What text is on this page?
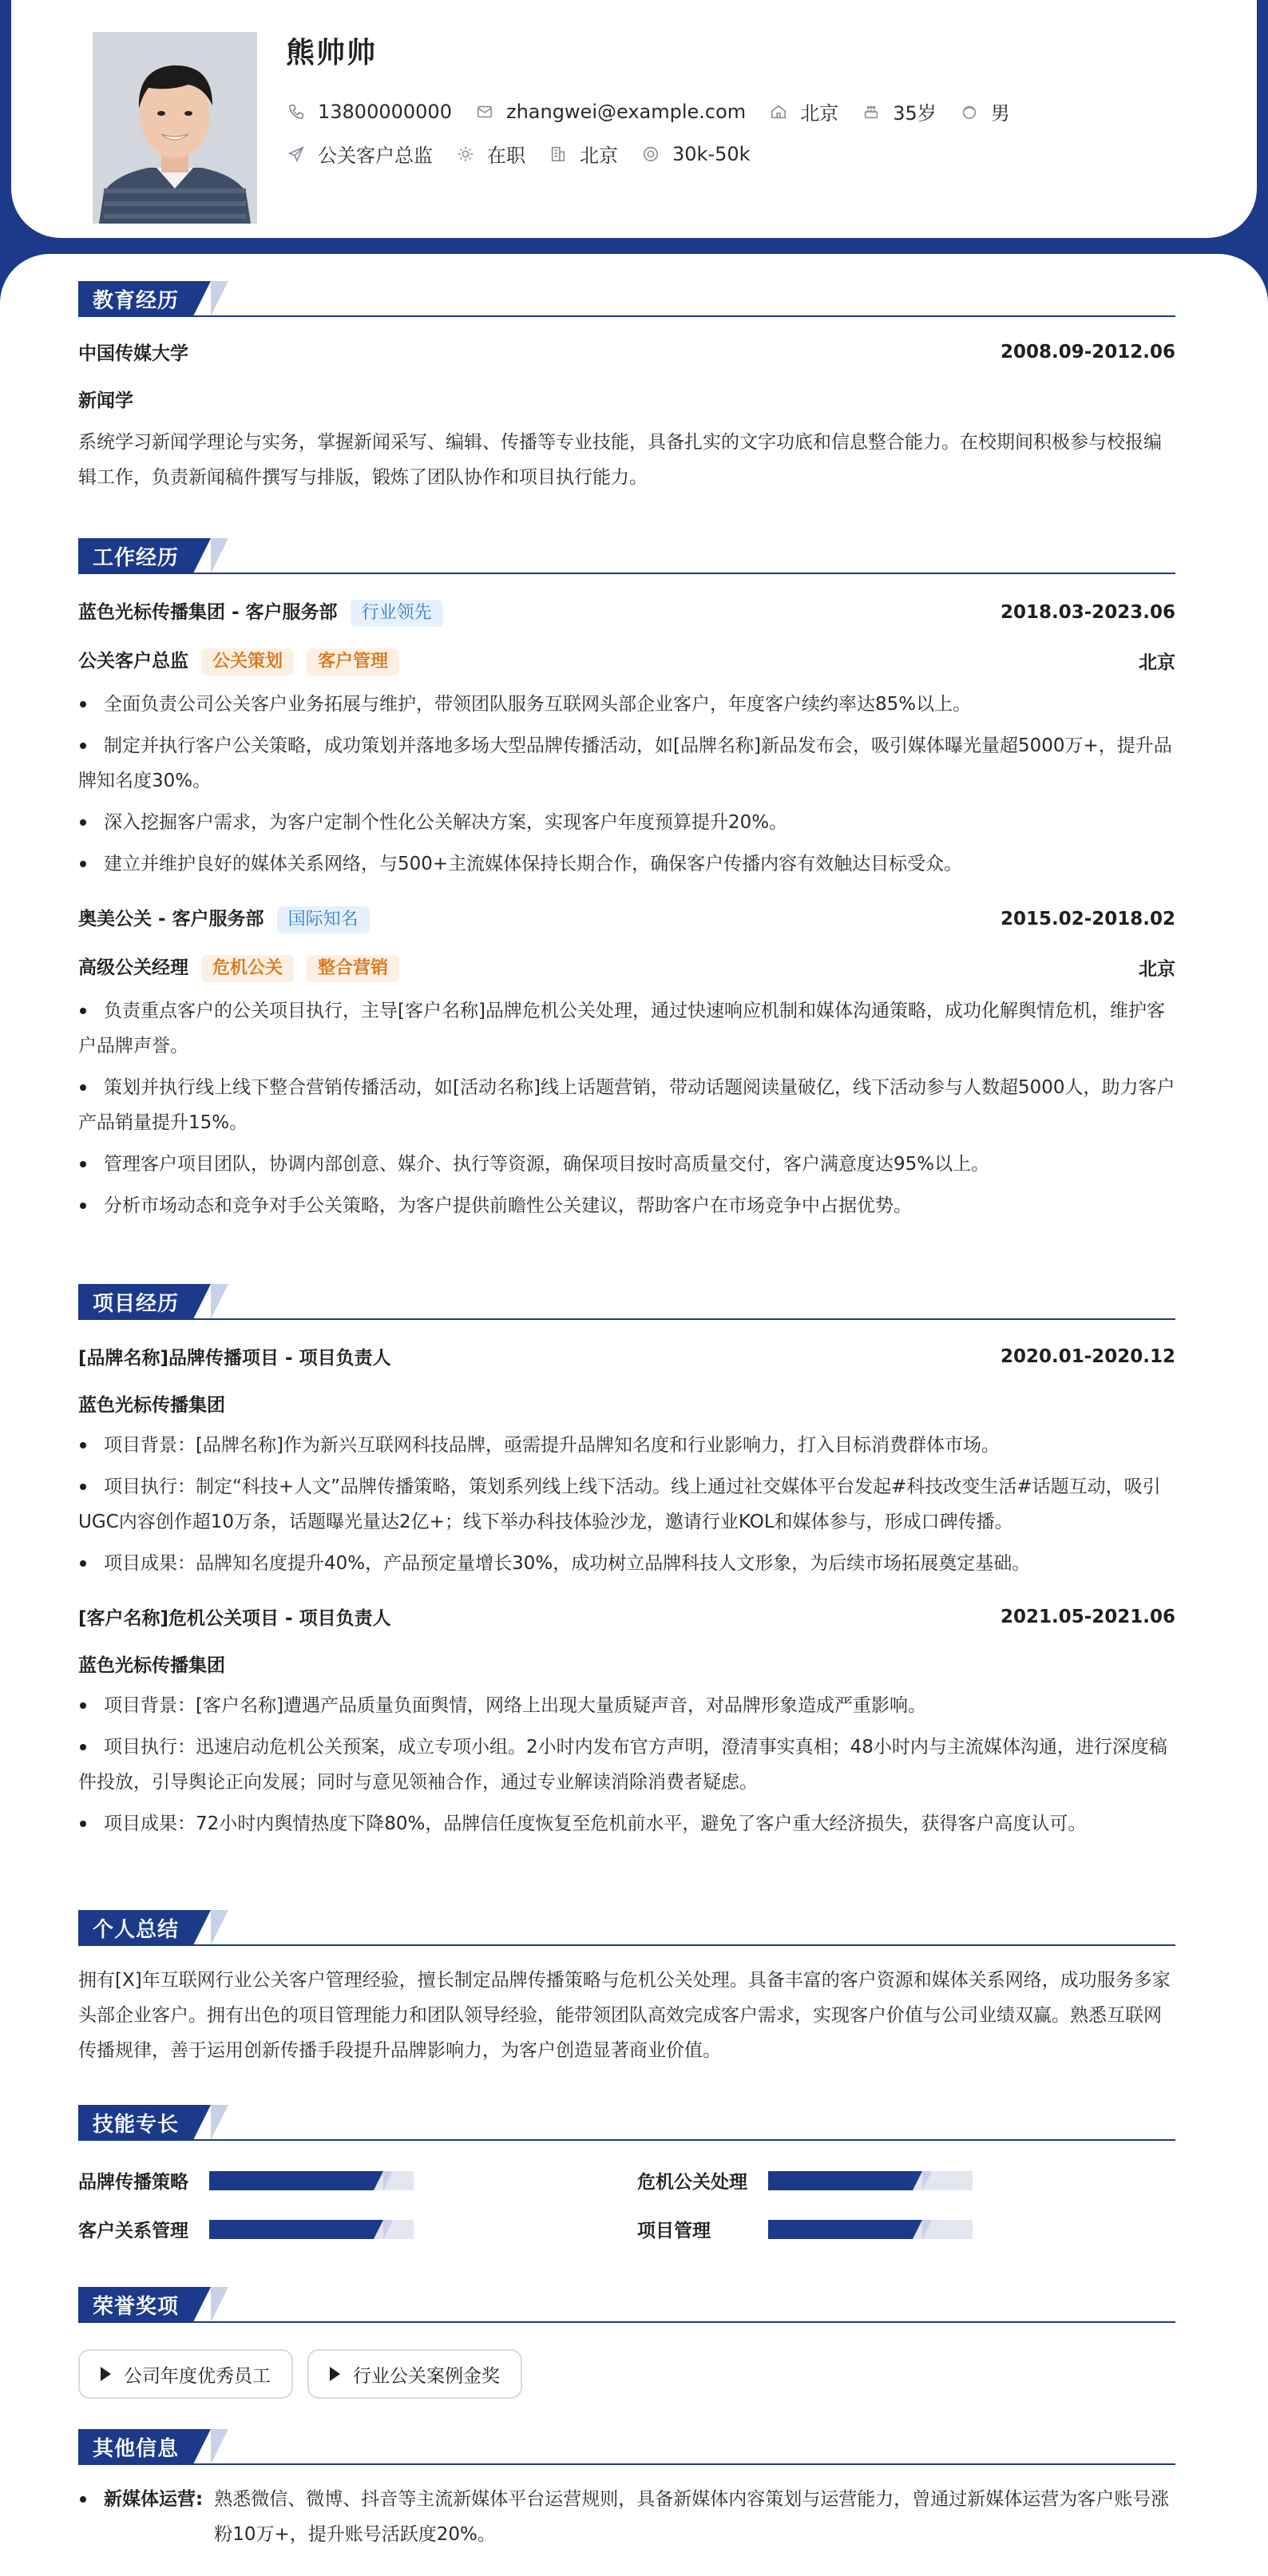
熊帅帅
13800000000	zhangwei@example.com	北京	35岁	男
公关客户总监	在职	北京	30k-50k
教育经历
中国传媒大学	2008.09-2012.06
新闻学
系统学习新闻学理论与实务，掌握新闻采写、编辑、传播等专业技能，具备扎实的文字功底和信息整合能力。在校期间积极参与校报编辑工作，负责新闻稿件撰写与排版，锻炼了团队协作和项目执行能力。
工作经历
蓝色光标传播集团 - 客户服务部 行业领先	2018.03-2023.06
公关客户总监 公关策划 客户管理	北京
全面负责公司公关客户业务拓展与维护，带领团队服务互联网头部企业客户，年度客户续约率达85%以上。
制定并执行客户公关策略，成功策划并落地多场大型品牌传播活动，如[品牌名称]新品发布会，吸引媒体曝光量超5000万+，提升品牌知名度30%。
深入挖掘客户需求，为客户定制个性化公关解决方案，实现客户年度预算提升20%。
建立并维护良好的媒体关系网络，与500+主流媒体保持长期合作，确保客户传播内容有效触达目标受众。
奥美公关 - 客户服务部 国际知名	2015.02-2018.02
高级公关经理 危机公关 整合营销	北京
负责重点客户的公关项目执行，主导[客户名称]品牌危机公关处理，通过快速响应机制和媒体沟通策略，成功化解舆情危机，维护客户品牌声誉。
策划并执行线上线下整合营销传播活动，如[活动名称]线上话题营销，带动话题阅读量破亿，线下活动参与人数超5000人，助力客户产品销量提升15%。
管理客户项目团队，协调内部创意、媒介、执行等资源，确保项目按时高质量交付，客户满意度达95%以上。
分析市场动态和竞争对手公关策略，为客户提供前瞻性公关建议，帮助客户在市场竞争中占据优势。
项目经历
[品牌名称]品牌传播项目 - 项目负责人	2020.01-2020.12
蓝色光标传播集团
项目背景：[品牌名称]作为新兴互联网科技品牌，亟需提升品牌知名度和行业影响力，打入目标消费群体市场。
项目执行：制定“科技+人文”品牌传播策略，策划系列线上线下活动。线上通过社交媒体平台发起#科技改变生活#话题互动，吸引UGC内容创作超10万条，话题曝光量达2亿+；线下举办科技体验沙龙，邀请行业KOL和媒体参与，形成口碑传播。
项目成果：品牌知名度提升40%，产品预定量增长30%，成功树立品牌科技人文形象，为后续市场拓展奠定基础。
[客户名称]危机公关项目 - 项目负责人	2021.05-2021.06
蓝色光标传播集团
项目背景：[客户名称]遭遇产品质量负面舆情，网络上出现大量质疑声音，对品牌形象造成严重影响。
项目执行：迅速启动危机公关预案，成立专项小组。2小时内发布官方声明，澄清事实真相；48小时内与主流媒体沟通，进行深度稿件投放，引导舆论正向发展；同时与意见领袖合作，通过专业解读消除消费者疑虑。
项目成果：72小时内舆情热度下降80%，品牌信任度恢复至危机前水平，避免了客户重大经济损失，获得客户高度认可。
个人总结
拥有[X]年互联网行业公关客户管理经验，擅长制定品牌传播策略与危机公关处理。具备丰富的客户资源和媒体关系网络，成功服务多家头部企业客户。拥有出色的项目管理能力和团队领导经验，能带领团队高效完成客户需求，实现客户价值与公司业绩双赢。熟悉互联网传播规律，善于运用创新传播手段提升品牌影响力，为客户创造显著商业价值。
技能专长
品牌传播策略	危机公关处理
客户关系管理	项目管理
荣誉奖项
公司年度优秀员工	行业公关案例金奖
其他信息
新媒体运营: 熟悉微信、微博、抖音等主流新媒体平台运营规则，具备新媒体内容策划与运营能力，曾通过新媒体运营为客户账号涨粉10万+，提升账号活跃度20%。
